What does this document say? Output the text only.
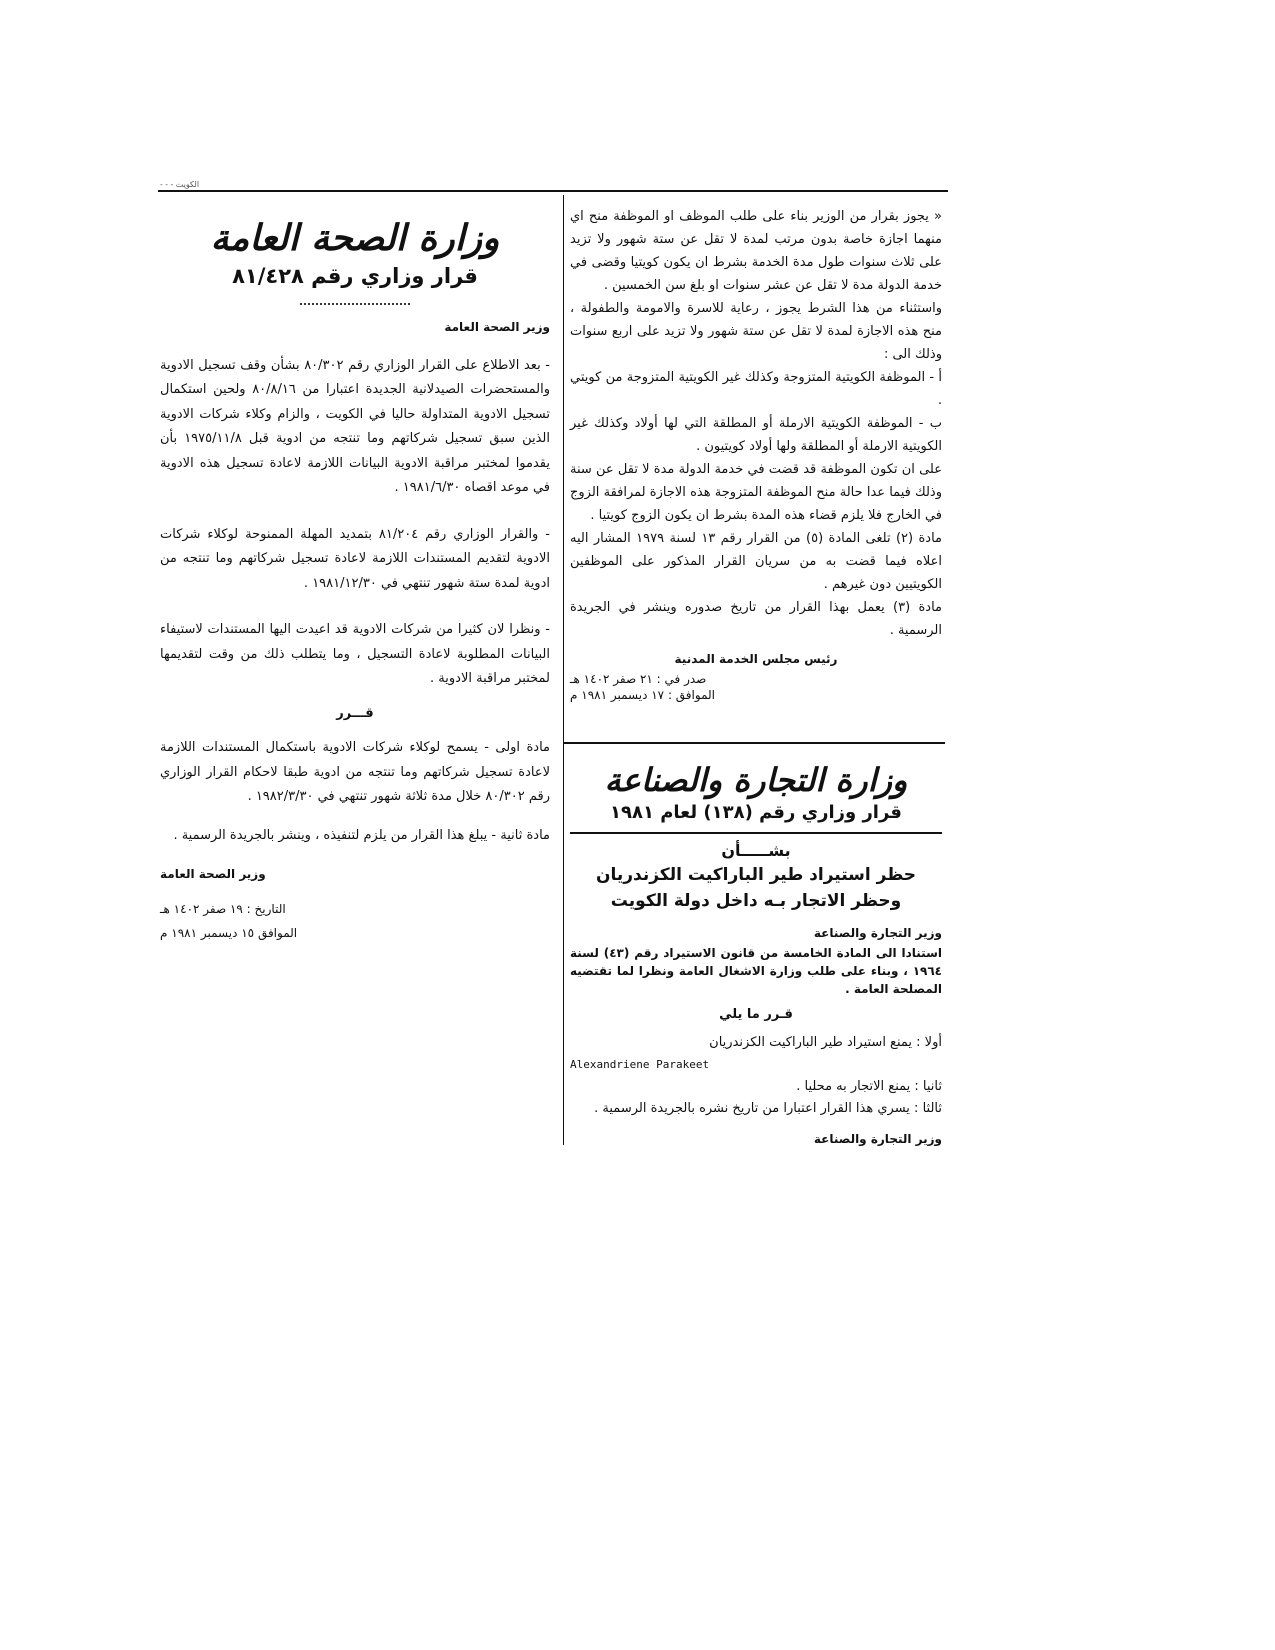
- - - الكويت
وزارة الصحة العامة
قرار وزاري رقم ٨١/٤٢٨

وزير الصحة العامة

- بعد الاطلاع على القرار الوزاري رقم ٨٠/٣٠٢ بشأن وقف تسجيل الادوية والمستحضرات الصيدلانية الجديدة اعتبارا من ٨٠/٨/١٦ ولحين استكمال تسجيل الادوية المتداولة حاليا في الكويت ، والزام وكلاء شركات الادوية الذين سبق تسجيل شركاتهم وما تنتجه من ادوية قبل ١٩٧٥/١١/٨ بأن يقدموا لمختبر مراقبة الادوية البيانات اللازمة لاعادة تسجيل هذه الادوية في موعد اقصاه ١٩٨١/٦/٣٠ .

- والقرار الوزاري رقم ٨١/٢٠٤ بتمديد المهلة الممنوحة لوكلاء شركات الادوية لتقديم المستندات اللازمة لاعادة تسجيل شركاتهم وما تنتجه من ادوية لمدة ستة شهور تنتهي في ١٩٨١/١٢/٣٠ .

- ونظرا لان كثيرا من شركات الادوية قد اعيدت اليها المستندات لاستيفاء البيانات المطلوبة لاعادة التسجيل ، وما يتطلب ذلك من وقت لتقديمها لمختبر مراقبة الادوية .

قـــرر

مادة اولى - يسمح لوكلاء شركات الادوية باستكمال المستندات اللازمة لاعادة تسجيل شركاتهم وما تنتجه من ادوية طبقا لاحكام القرار الوزاري رقم ٨٠/٣٠٢ خلال مدة ثلاثة شهور تنتهي في ١٩٨٢/٣/٣٠ .

مادة ثانية - يبلغ هذا القرار من يلزم لتنفيذه ، وينشر بالجريدة الرسمية .

وزير الصحة العامة

التاريخ : ١٩ صفر ١٤٠٢ هـ

الموافق ١٥ ديسمبر ١٩٨١ م

« يجوز بقرار من الوزير بناء على طلب الموظف او الموظفة منح اي منهما اجازة خاصة بدون مرتب لمدة لا تقل عن ستة شهور ولا تزيد على ثلاث سنوات طول مدة الخدمة بشرط ان يكون كويتيا وقضى في خدمة الدولة مدة لا تقل عن عشر سنوات او بلغ سن الخمسين .

واستثناء من هذا الشرط يجوز ، رعاية للاسرة والامومة والطفولة ، منح هذه الاجازة لمدة لا تقل عن ستة شهور ولا تزيد على اربع سنوات وذلك الى :

أ - الموظفة الكويتية المتزوجة وكذلك غير الكويتية المتزوجة من كويتي .

ب - الموظفة الكويتية الارملة أو المطلقة التي لها أولاد وكذلك غير الكويتية الارملة أو المطلقة ولها أولاد كويتيون .

على ان تكون الموظفة قد قضت في خدمة الدولة مدة لا تقل عن سنة وذلك فيما عدا حالة منح الموظفة المتزوجة هذه الاجازة لمرافقة الزوج في الخارج فلا يلزم قضاء هذه المدة بشرط ان يكون الزوج كويتيا .

مادة (٢) تلغى المادة (٥) من القرار رقم ١٣ لسنة ١٩٧٩ المشار اليه اعلاه فيما قضت به من سريان القرار المذكور على الموظفين الكويتيين دون غيرهم .

مادة (٣) يعمل بهذا القرار من تاريخ صدوره وينشر في الجريدة الرسمية .

رئيس مجلس الخدمة المدنية

صدر في : ٢١ صفر ١٤٠٢ هـ

الموافق : ١٧ ديسمبر ١٩٨١ م

وزارة التجارة والصناعة
قرار وزاري رقم (١٣٨) لعام ١٩٨١

بشـــــأن

حظر استيراد طير الباراكيت الكزندريان وحظر الاتجار بـه داخل دولة الكويت

وزير التجارة والصناعة

استنادا الى المادة الخامسة من قانون الاستيراد رقم (٤٣) لسنة ١٩٦٤ ، وبناء على طلب وزارة الاشغال العامة ونظرا لما تقتضيه المصلحة العامة .

قـرر ما يلي

أولا : يمنع استيراد طير الباراكيت الكزندريان

Alexandriene Parakeet

ثانيا : يمنع الاتجار به محليا .

ثالثا : يسري هذا القرار اعتبارا من تاريخ نشره بالجريدة الرسمية .

وزير التجارة والصناعة
